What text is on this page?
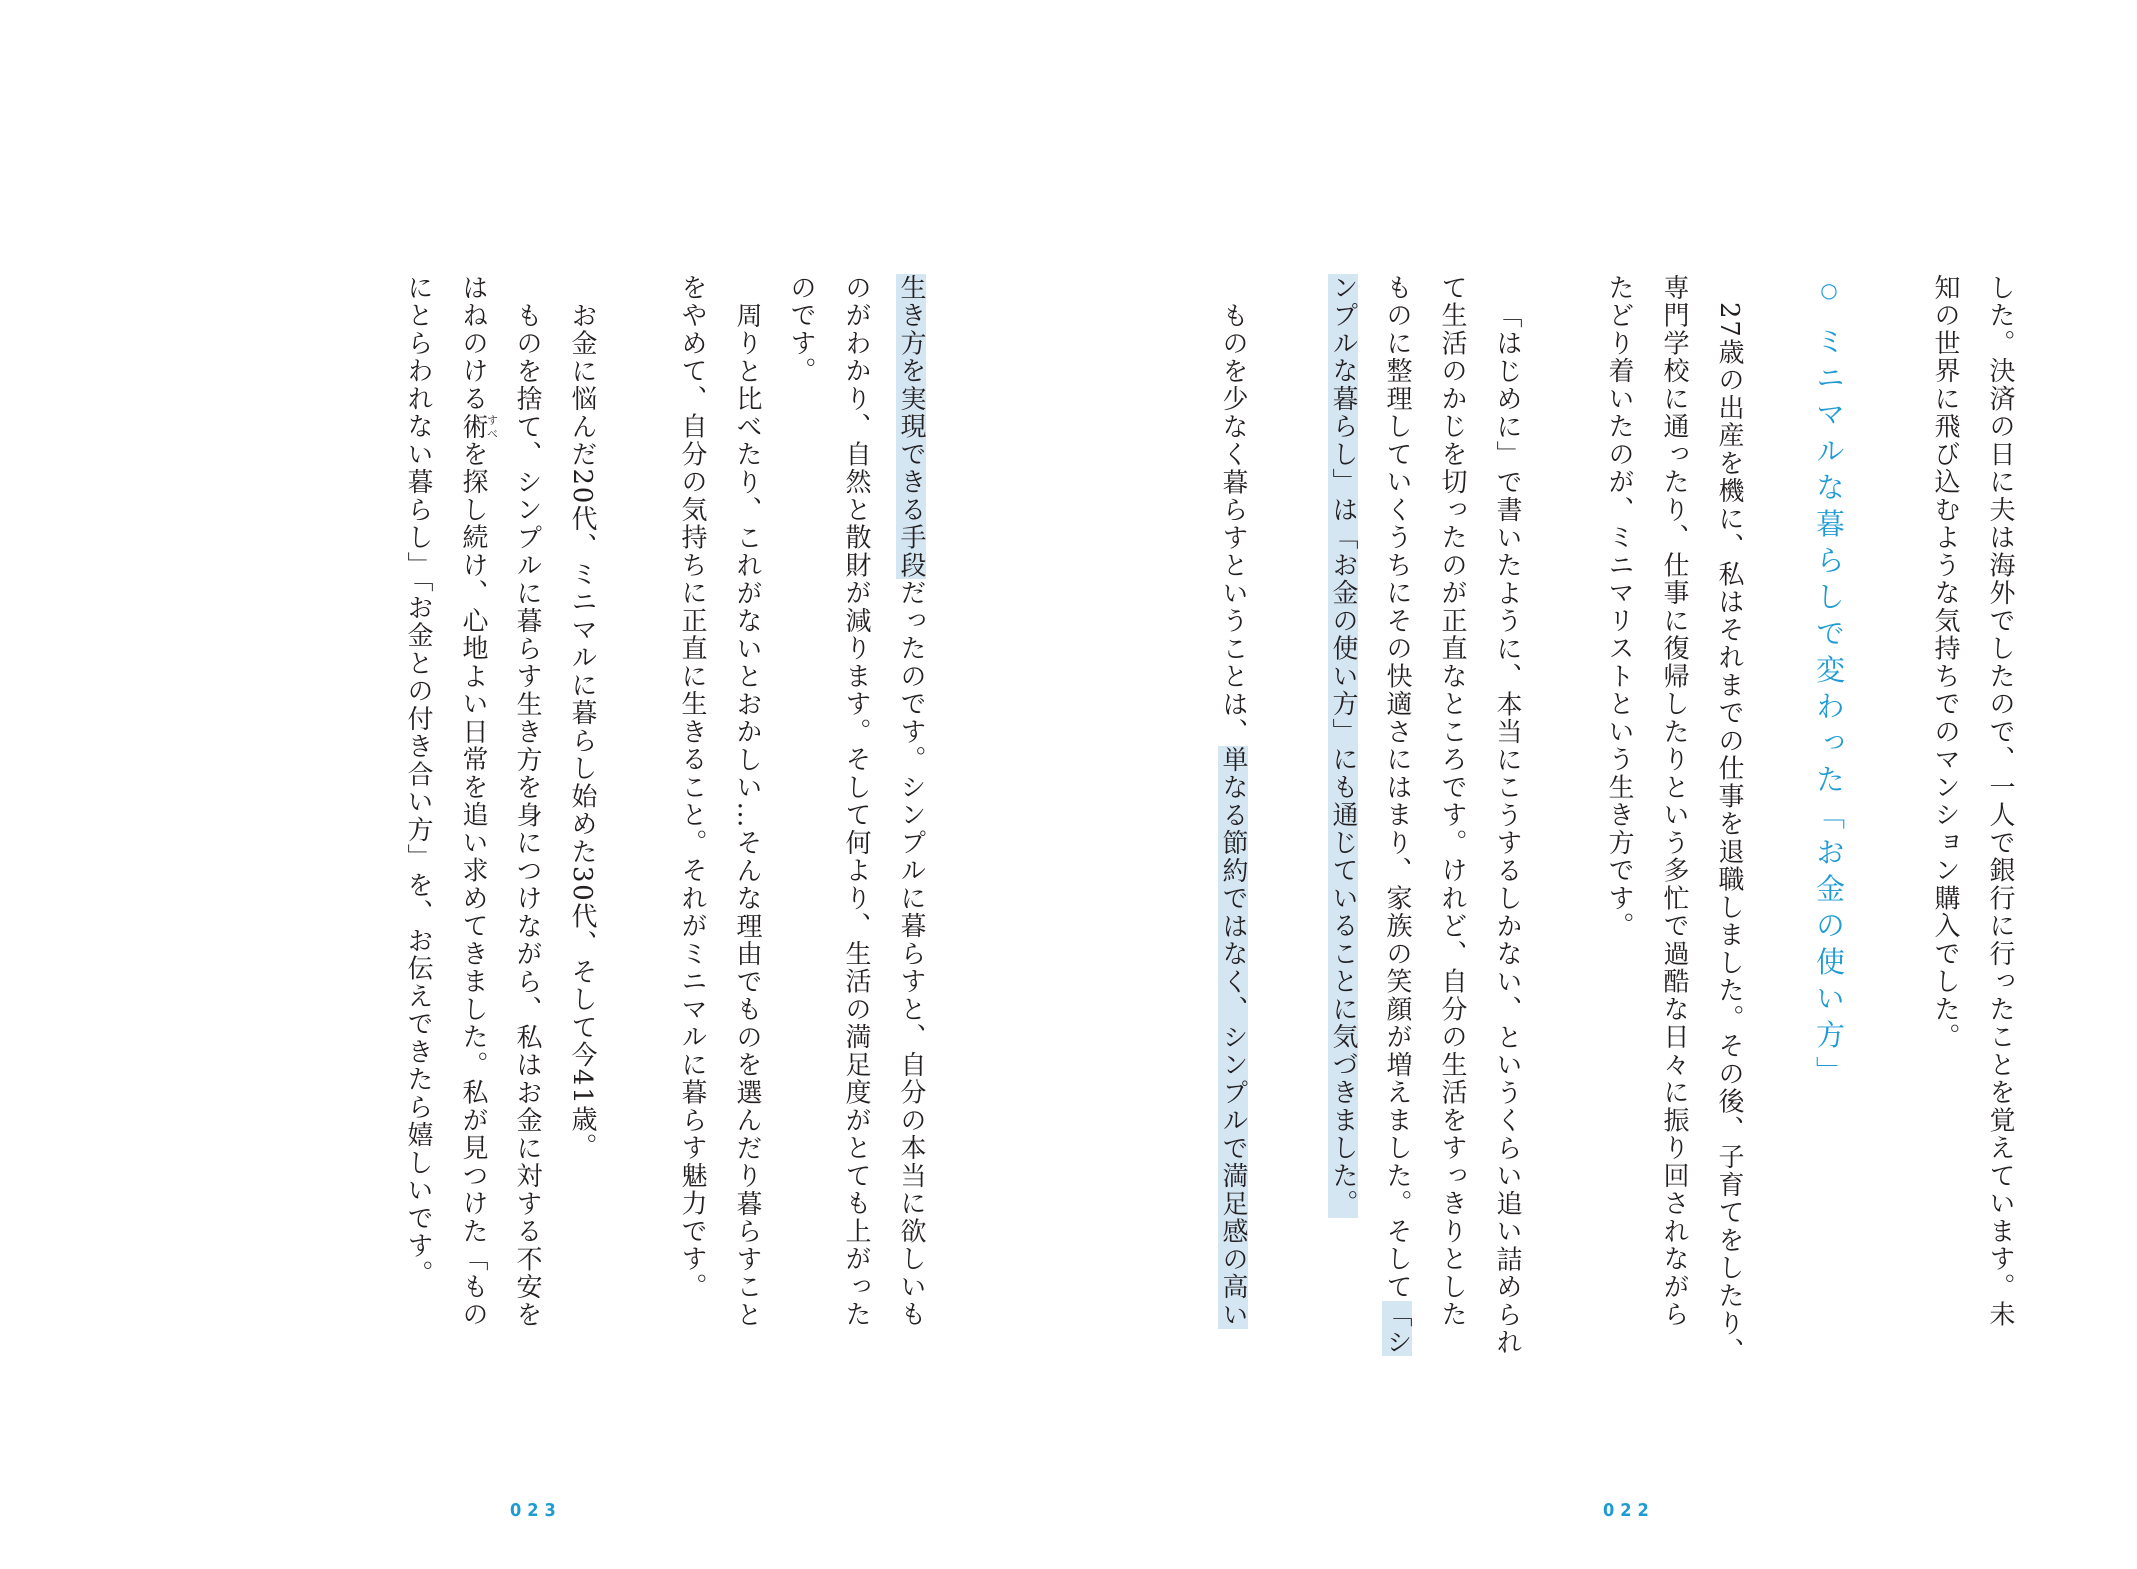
○ ミニマルな暮らしで変わった「お金の使い方」
022
した。決済の日に夫は海外でしたので、一人で銀行に行ったことを覚えています。未
知の世界に飛び込むような気持ちでのマンション購入でした。
27歳の出産を機に、私はそれまでの仕事を退職しました。その後、子育てをしたり、
専門学校に通ったり、仕事に復帰したりという多忙で過酷な日々に振り回されながら
たどり着いたのが、ミニマリストという生き方です。
「はじめに」で書いたように、本当にこうするしかない、というくらい追い詰められ
て生活のかじを切ったのが正直なところです。けれど、自分の生活をすっきりとした
ものに整理していくうちにその快適さにはまり、家族の笑顔が増えました。そして「シ
ンプルな暮らし」は「お金の使い方」にも通じていることに気づきました。
ものを少なく暮らすということは、単なる節約ではなく、シンプルで満足感の高い
023
生き方を実現できる手段だったのです。シンプルに暮らすと、自分の本当に欲しいも
のがわかり、自然と散財が減ります。そして何より、生活の満足度がとても上がった
のです。
周りと比べたり、これがないとおかしい…そんな理由でものを選んだり暮らすこと
をやめて、自分の気持ちに正直に生きること。それがミニマルに暮らす魅力です。
お金に悩んだ20代、ミニマルに暮らし始めた30代、そして今41歳。
ものを捨て、シンプルに暮らす生き方を身につけながら、私はお金に対する不安を
はねのける術すべを探し続け、心地よい日常を追い求めてきました。私が見つけた「もの
にとらわれない暮らし」「お金との付き合い方」を、お伝えできたら嬉しいです。
